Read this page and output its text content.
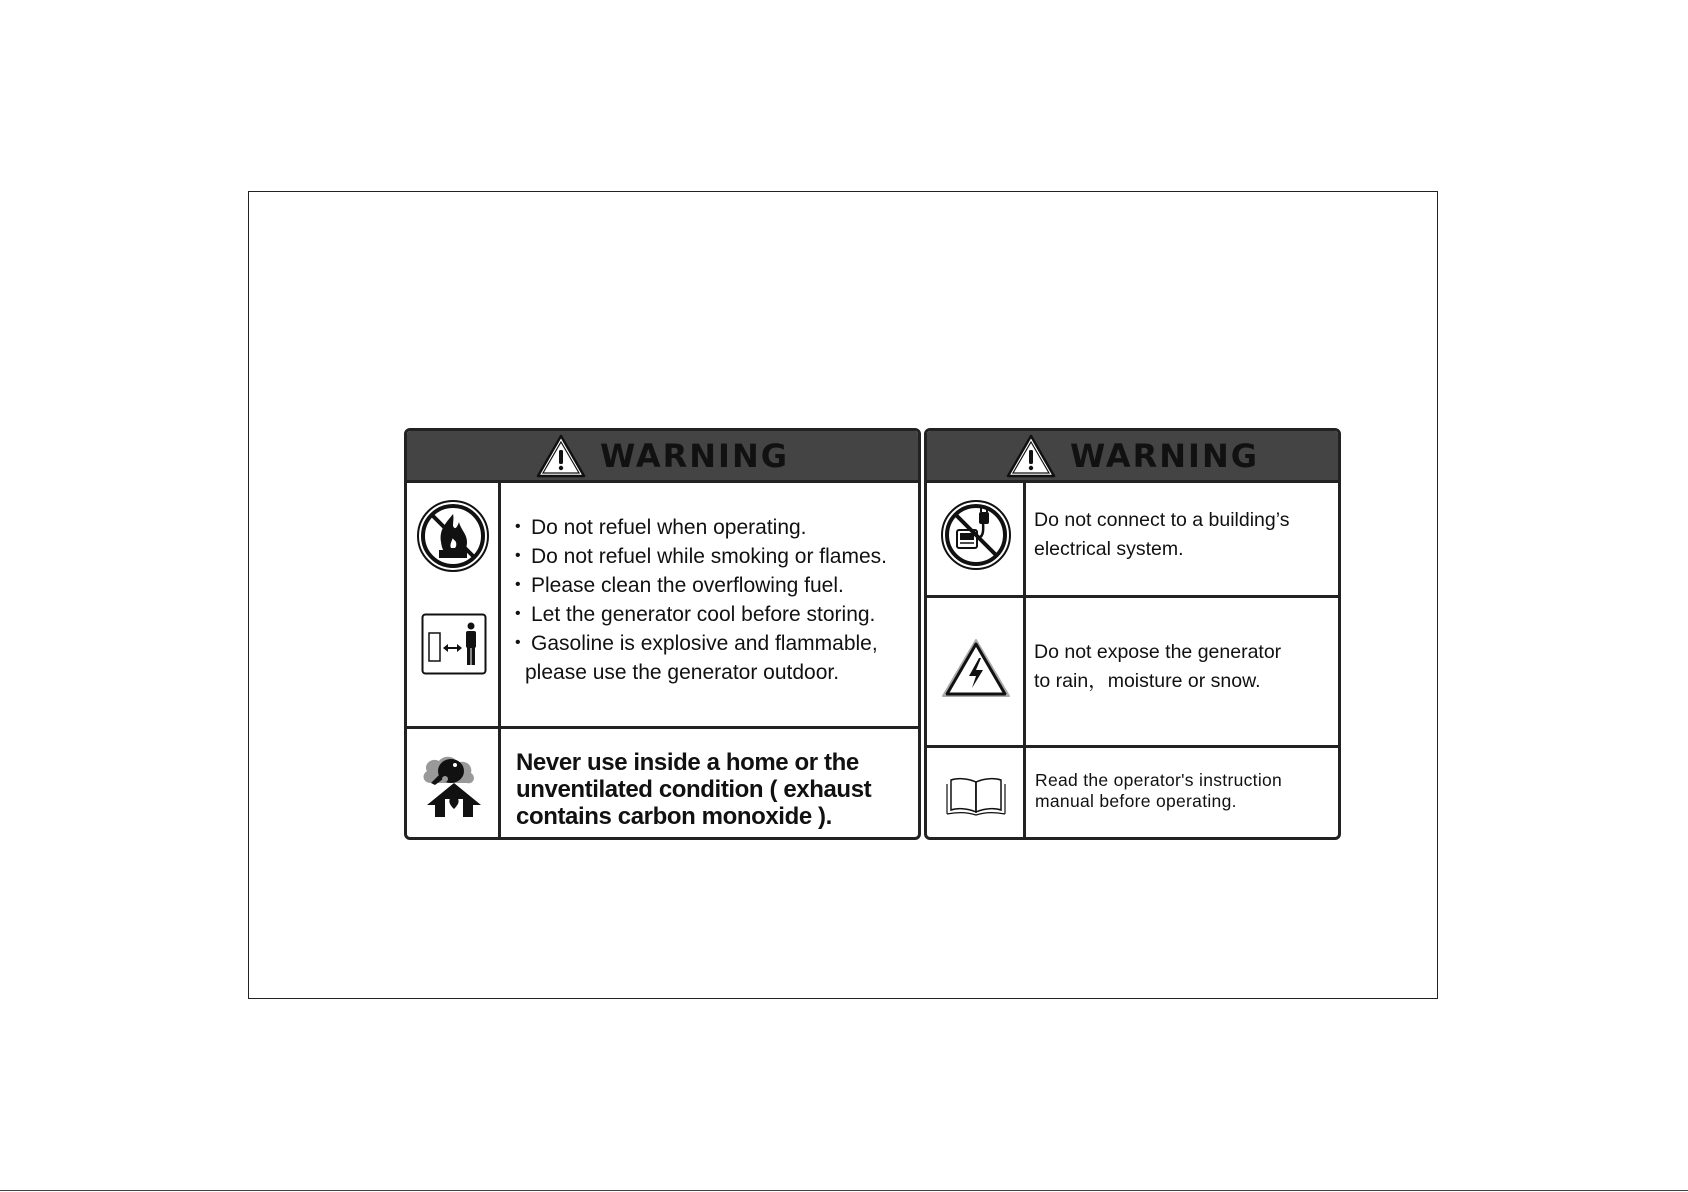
WARNING
• Do not refuel when operating.
• Do not refuel while smoking or flames.
• Please clean the overflowing fuel.
• Let the generator cool before storing.
• Gasoline is explosive and flammable,
please use the generator outdoor.
Never use inside a home or the
unventilated condition ( exhaust
contains carbon monoxide ).
WARNING
Do not connect to a building’s
electrical system.
Do not expose the generator
to rain，moisture or snow.
Read the operator's instruction
manual before operating.
